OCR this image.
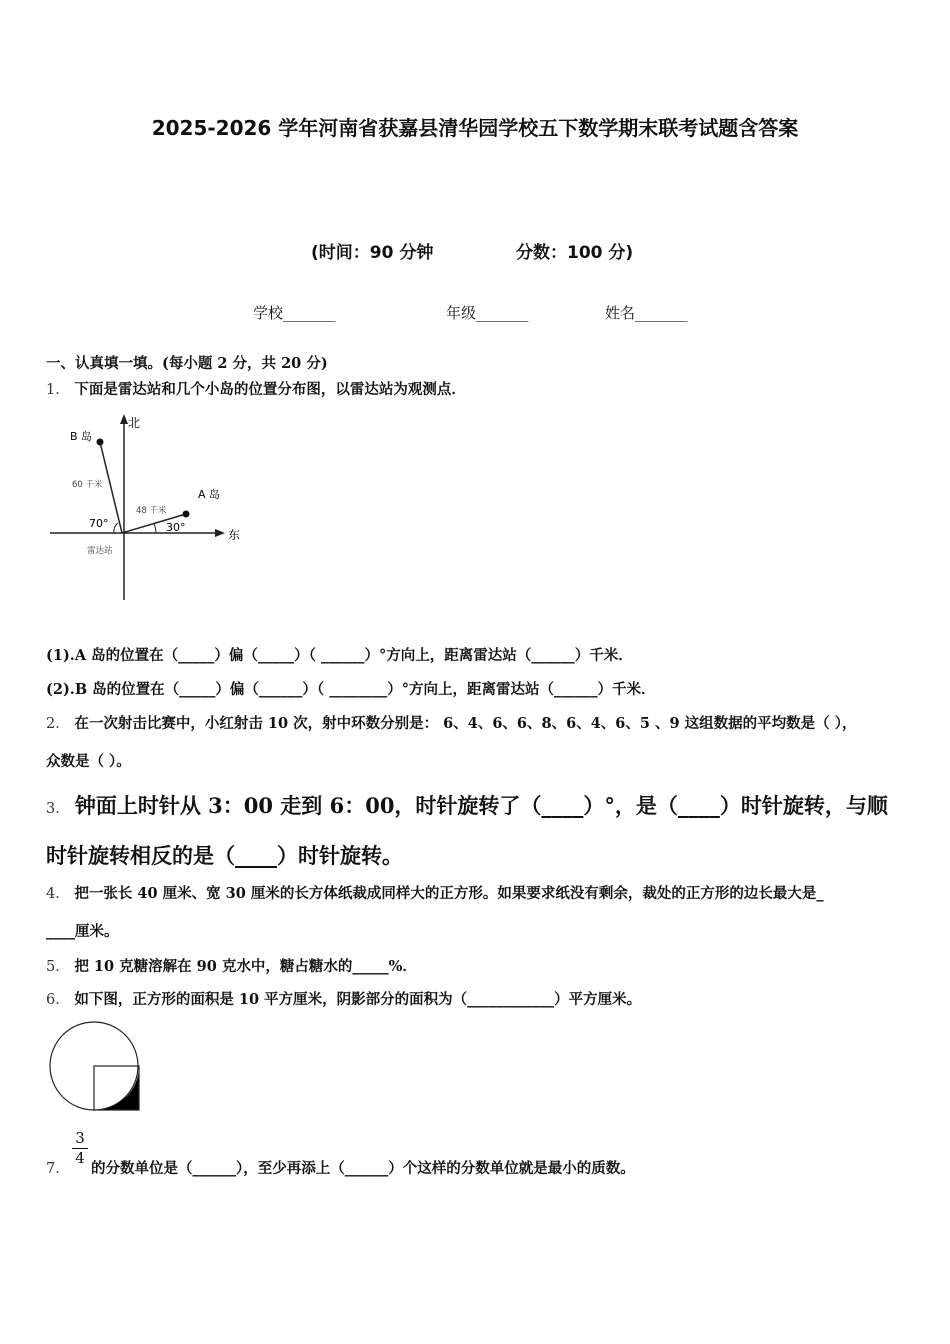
2025-2026 学年河南省获嘉县清华园学校五下数学期末联考试题含答案
(时间：90 分钟	分数：100 分)
学校_______	年级_______	姓名_______
一、认真填一填。(每小题 2 分，共 20 分)
1． 下面是雷达站和几个小岛的位置分布图，以雷达站为观测点．
北
东
B 岛
A 岛
60 千米
48 千米
70°	30°
雷达站
(1).A 岛的位置在（_____）偏（_____）（ ______）°方向上，距离雷达站（______）千米．
(2).B 岛的位置在（_____）偏（______）（ ________）°方向上，距离雷达站（______）千米．
2． 在一次射击比赛中，小红射击 10 次，射中环数分别是： 6、4、6、6、8、6、4、6、5 、9 这组数据的平均数是（ ），
众数是（ ）。
3． 钟面上时针从 3：00 走到 6：00，时针旋转了（____）°，是（____）时针旋转，与顺
时针旋转相反的是（____）时针旋转。
4． 把一张长 40 厘米、宽 30 厘米的长方体纸裁成同样大的正方形。如果要求纸没有剩余，裁处的正方形的边长最大是_
____厘米。
5． 把 10 克糖溶解在 90 克水中，糖占糖水的_____%．
6． 如下图，正方形的面积是 10 平方厘米，阴影部分的面积为（____________）平方厘米。
7．
3
4
的分数单位是（______），至少再添上（______）个这样的分数单位就是最小的质数。
